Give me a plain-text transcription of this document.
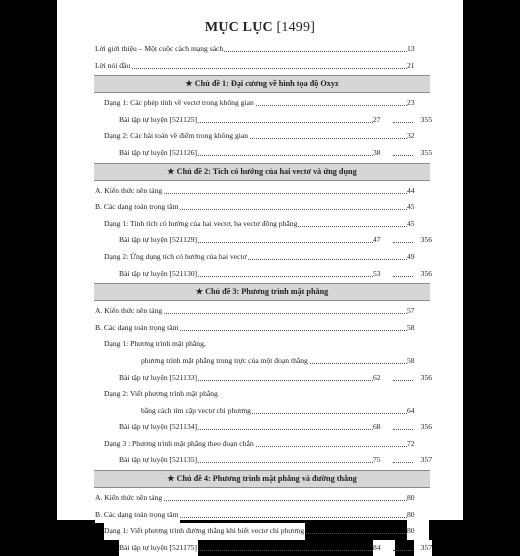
MỤC LỤC [1499]
Lời giới thiệu – Một cuộc cách mạng sách	13
Lời nói đầu	21
★ Chủ đề 1: Đại cương về hình tọa độ Oxyz
Dạng 1: Các phép tính về vectơ trong không gian	23
Bài tập tự luyện [521125]	27	355
Dạng 2: Các bài toán về điểm trong không gian	32
Bài tập tự luyện [521126]	38	355
★ Chủ đề 2: Tích có hướng của hai vectơ và ứng dụng
A. Kiến thức nền tảng	44
B. Các dạng toán trọng tâm	45
Dạng 1: Tính tích có hướng của hai vectơ, ba vectơ đồng phẳng	45
Bài tập tự luyện [521129]	47	356
Dạng 2: Ứng dụng tích có hướng của hai vectơ	49
Bài tập tự luyện [521130]	53	356
★ Chủ đề 3: Phương trình mặt phẳng
A. Kiến thức nền tảng	57
B. Các dạng toán trọng tâm	58
Dạng 1: Phương trình mặt phẳng,
phương trình mặt phẳng trung trực của một đoạn thẳng	58
Bài tập tự luyện [521133]	62	356
Dạng 2: Viết phương trình mặt phẳng
bằng cách tìm cặp vectơ chỉ phương	64
Bài tập tự luyện [521134]	68	356
Dạng 3 : Phương trình mặt phẳng theo đoạn chắn	72
Bài tập tự luyện [521135]	75	357
★ Chủ đề 4: Phương trình mặt phẳng và đường thẳng
A. Kiến thức nền tảng	80
B. Các dạng toán trọng tâm	80
Dạng 1: Viết phương trình đường thẳng khi biết vectơ chỉ phương	80
Bài tập tự luyện [521175]	84	357
